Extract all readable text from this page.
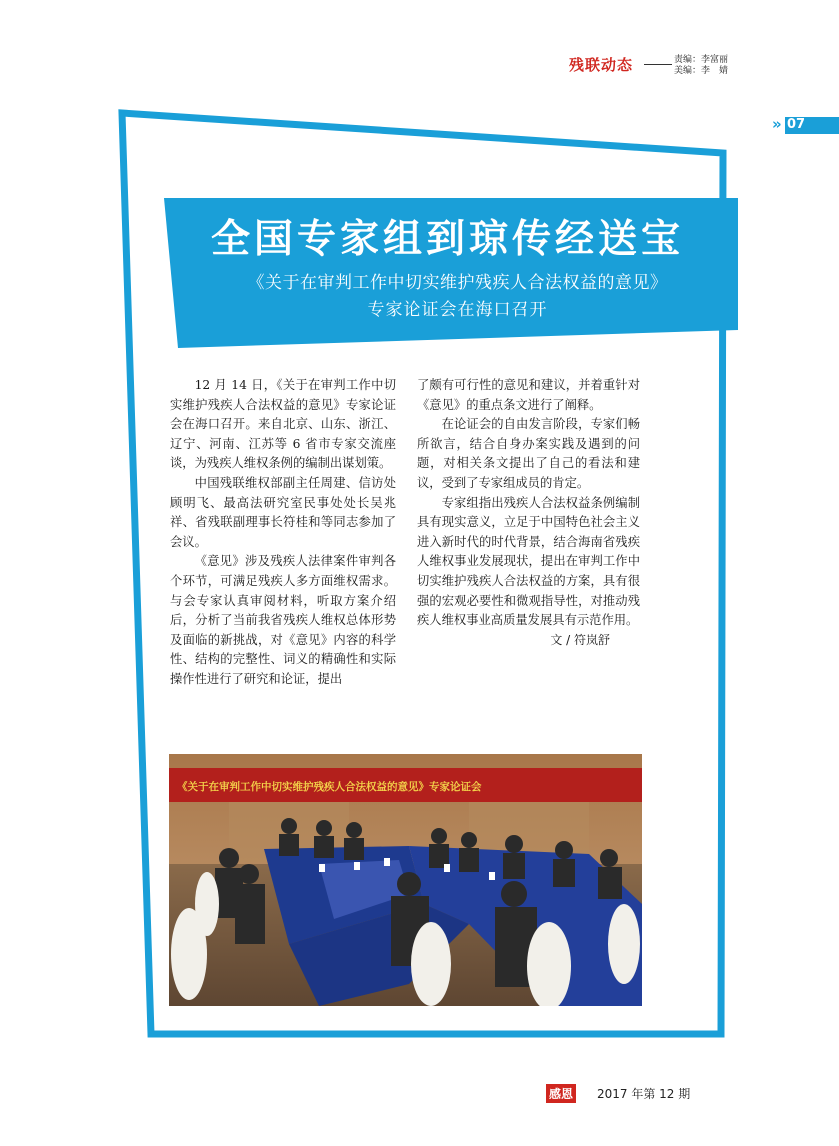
残联动态	责编：李富丽
美编：李　婧
» 07
全国专家组到琼传经送宝
《关于在审判工作中切实维护残疾人合法权益的意见》
专家论证会在海口召开

12 月 14 日，《关于在审判工作中切实维护残疾人合法权益的意见》专家论证会在海口召开。来自北京、山东、浙江、辽宁、河南、江苏等 6 省市专家交流座谈，为残疾人维权条例的编制出谋划策。

中国残联维权部副主任周建、信访处顾明飞、最高法研究室民事处处长吴兆祥、省残联副理事长符桂和等同志参加了会议。

《意见》涉及残疾人法律案件审判各个环节，可满足残疾人多方面维权需求。与会专家认真审阅材料，听取方案介绍后，分析了当前我省残疾人维权总体形势及面临的新挑战，对《意见》内容的科学性、结构的完整性、词义的精确性和实际操作性进行了研究和论证，提出

了颇有可行性的意见和建议，并着重针对《意见》的重点条文进行了阐释。

在论证会的自由发言阶段，专家们畅所欲言，结合自身办案实践及遇到的问题，对相关条文提出了自己的看法和建议，受到了专家组成员的肯定。

专家组指出残疾人合法权益条例编制具有现实意义，立足于中国特色社会主义进入新时代的时代背景，结合海南省残疾人维权事业发展现状，提出在审判工作中切实维护残疾人合法权益的方案，具有很强的宏观必要性和微观指导性，对推动残疾人维权事业高质量发展具有示范作用。

文 / 符岚舒
《关于在审判工作中切实维护残疾人合法权益的意见》专家论证会
感恩 2017 年第 12 期
